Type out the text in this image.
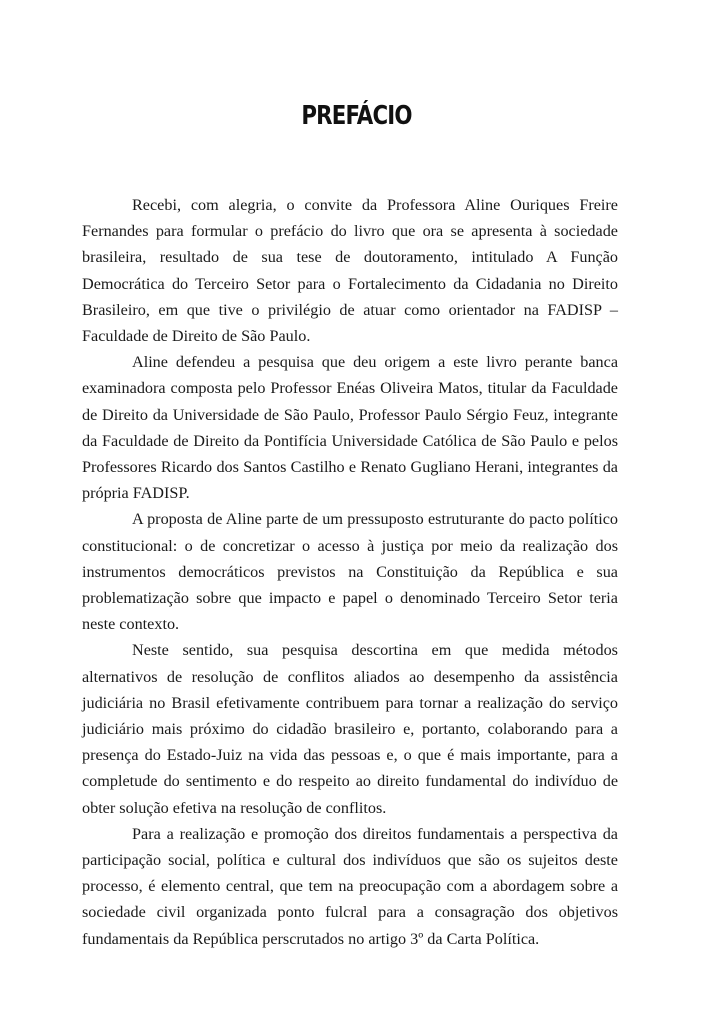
PREFÁCIO

Recebi, com alegria, o convite da Professora Aline Ouriques Freire Fernandes para formular o prefácio do livro que ora se apresenta à sociedade brasileira, resultado de sua tese de doutoramento, intitulado A Função Democrática do Terceiro Setor para o Fortalecimento da Cidadania no Direito Brasileiro, em que tive o privilégio de atuar como orientador na FADISP – Faculdade de Direito de São Paulo.

Aline defendeu a pesquisa que deu origem a este livro perante banca examinadora composta pelo Professor Enéas Oliveira Matos, titular da Faculdade de Direito da Universidade de São Paulo, Professor Paulo Sérgio Feuz, integrante da Faculdade de Direito da Pontifícia Universidade Católica de São Paulo e pelos Professores Ricardo dos Santos Castilho e Renato Gugliano Herani, integrantes da própria FADISP.

A proposta de Aline parte de um pressuposto estruturante do pacto político constitucional: o de concretizar o acesso à justiça por meio da realização dos instrumentos democráticos previstos na Constituição da República e sua problematização sobre que impacto e papel o denominado Terceiro Setor teria neste contexto.

Neste sentido, sua pesquisa descortina em que medida métodos alternativos de resolução de conflitos aliados ao desempenho da assistência judiciária no Brasil efetivamente contribuem para tornar a realização do serviço judiciário mais próximo do cidadão brasileiro e, portanto, colaborando para a presença do Estado-Juiz na vida das pessoas e, o que é mais importante, para a completude do sentimento e do respeito ao direito fundamental do indivíduo de obter solução efetiva na resolução de conflitos.

Para a realização e promoção dos direitos fundamentais a perspectiva da participação social, política e cultural dos indivíduos que são os sujeitos deste processo, é elemento central, que tem na preocupação com a abordagem sobre a sociedade civil organizada ponto fulcral para a consagração dos objetivos fundamentais da República perscrutados no artigo 3º da Carta Política.
